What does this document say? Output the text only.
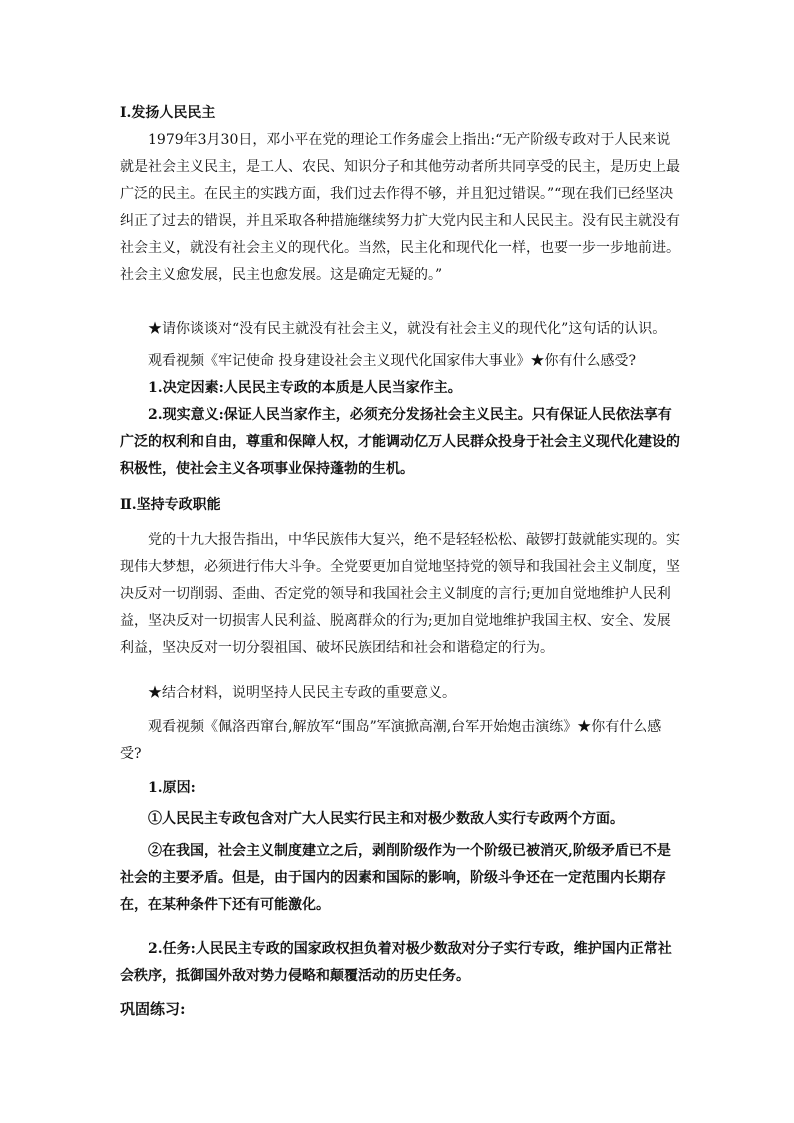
Ⅰ.发扬人民民主

1979年3月30日，邓小平在党的理论工作务虚会上指出:“无产阶级专政对于人民来说就是社会主义民主，是工人、农民、知识分子和其他劳动者所共同享受的民主，是历史上最广泛的民主。在民主的实践方面，我们过去作得不够，并且犯过错误。”“现在我们已经坚决纠正了过去的错误，并且采取各种措施继续努力扩大党内民主和人民民主。没有民主就没有社会主义，就没有社会主义的现代化。当然，民主化和现代化一样，也要一步一步地前进。社会主义愈发展，民主也愈发展。这是确定无疑的。”

★请你谈谈对“没有民主就没有社会主义，就没有社会主义的现代化”这句话的认识。

观看视频《牢记使命 投身建设社会主义现代化国家伟大事业》★你有什么感受?

1.决定因素:人民民主专政的本质是人民当家作主。

2.现实意义:保证人民当家作主，必须充分发扬社会主义民主。只有保证人民依法享有广泛的权利和自由，尊重和保障人权，才能调动亿万人民群众投身于社会主义现代化建设的积极性，使社会主义各项事业保持蓬勃的生机。

Ⅱ.坚持专政职能

党的十九大报告指出，中华民族伟大复兴，绝不是轻轻松松、敲锣打鼓就能实现的。实现伟大梦想，必须进行伟大斗争。全党要更加自觉地坚持党的领导和我国社会主义制度，坚决反对一切削弱、歪曲、否定党的领导和我国社会主义制度的言行;更加自觉地维护人民利益，坚决反对一切损害人民利益、脱离群众的行为;更加自觉地维护我国主权、安全、发展利益，坚决反对一切分裂祖国、破坏民族团结和社会和谐稳定的行为。

★结合材料，说明坚持人民民主专政的重要意义。

观看视频《佩洛西窜台,解放军“围岛”军演掀高潮,台军开始炮击演练》★你有什么感受?

1.原因:

①人民民主专政包含对广大人民实行民主和对极少数敌人实行专政两个方面。

②在我国，社会主义制度建立之后，剥削阶级作为一个阶级已被消灭,阶级矛盾已不是社会的主要矛盾。但是，由于国内的因素和国际的影响，阶级斗争还在一定范围内长期存在，在某种条件下还有可能激化。

2.任务:人民民主专政的国家政权担负着对极少数敌对分子实行专政，维护国内正常社会秩序，抵御国外敌对势力侵略和颠覆活动的历史任务。

巩固练习:
